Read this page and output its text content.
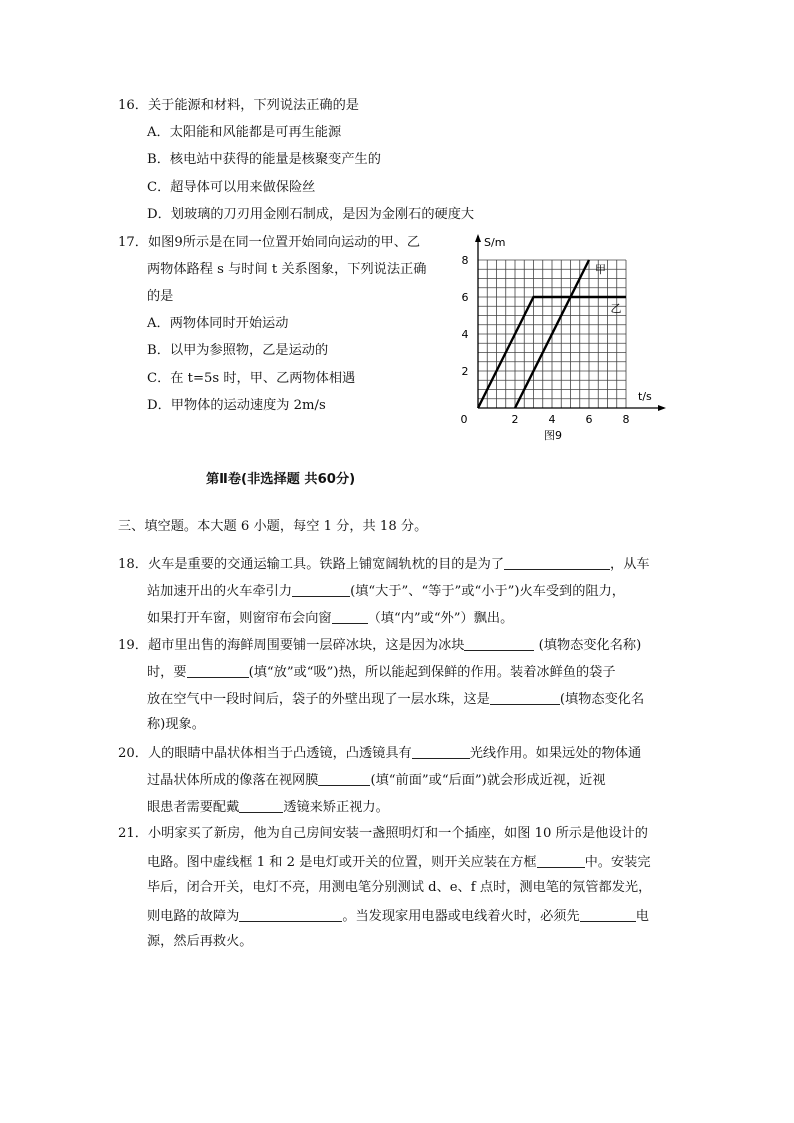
16．关于能源和材料，下列说法正确的是
A．太阳能和风能都是可再生能源
B．核电站中获得的能量是核聚变产生的
C．超导体可以用来做保险丝
D．划玻璃的刀刃用金刚石制成，是因为金刚石的硬度大
17．如图9所示是在同一位置开始同向运动的甲、乙
两物体路程 s 与时间 t 关系图象，下列说法正确
的是
A．两物体同时开始运动
B．以甲为参照物，乙是运动的
C．在 t=5s 时，甲、乙两物体相遇
D．甲物体的运动速度为 2m/s
2	4	6	8
2
4
6
8
0
S/m
t/s
甲
乙
图9
第Ⅱ卷(非选择题 共60分)
三、填空题。本大题 6 小题，每空 1 分，共 18 分。
18．火车是重要的交通运输工具。铁路上铺宽阔轨枕的目的是为了	，从车
站加速开出的火车牵引力	(填“大于”、“等于”或“小于”)火车受到的阻力，
如果打开车窗，则窗帘布会向窗	（填“内”或“外”）飘出。
19．超市里出售的海鲜周围要铺一层碎冰块，这是因为冰块	(填物态变化名称)
时，要	(填“放”或“吸”)热，所以能起到保鲜的作用。装着冰鲜鱼的袋子
放在空气中一段时间后，袋子的外壁出现了一层水珠，这是	(填物态变化名
称)现象。
20．人的眼睛中晶状体相当于凸透镜，凸透镜具有	光线作用。如果远处的物体通
过晶状体所成的像落在视网膜	(填“前面”或“后面”)就会形成近视，近视
眼患者需要配戴	透镜来矫正视力。
21．小明家买了新房，他为自己房间安装一盏照明灯和一个插座，如图 10 所示是他设计的
电路。图中虚线框 1 和 2 是电灯或开关的位置，则开关应装在方框	中。安装完
毕后，闭合开关，电灯不亮，用测电笔分别测试 d、e、f 点时，测电笔的氖管都发光，
则电路的故障为	。当发现家用电器或电线着火时，必须先	电
源，然后再救火。
